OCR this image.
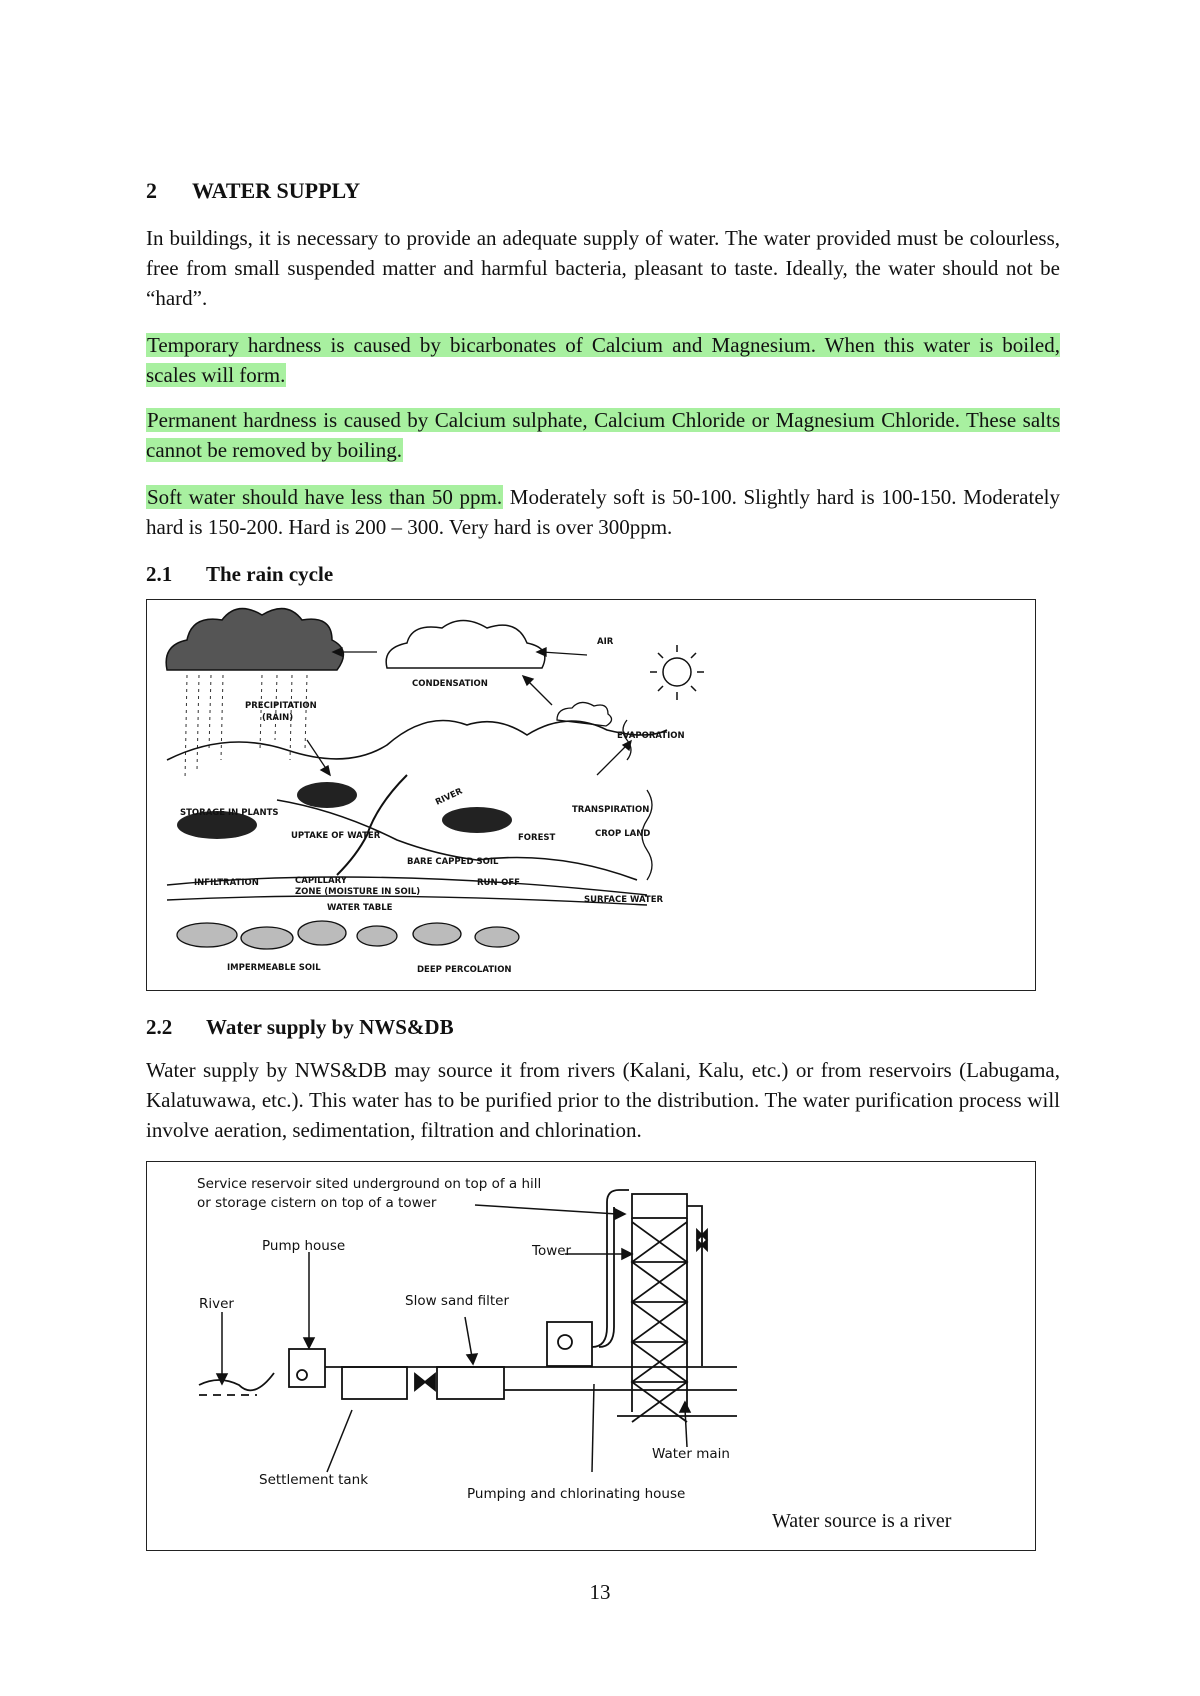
2 WATER SUPPLY

In buildings, it is necessary to provide an adequate supply of water. The water provided must be colourless, free from small suspended matter and harmful bacteria, pleasant to taste. Ideally, the water should not be “hard”.

Temporary hardness is caused by bicarbonates of Calcium and Magnesium. When this water is boiled, scales will form.

Permanent hardness is caused by Calcium sulphate, Calcium Chloride or Magnesium Chloride. These salts cannot be removed by boiling.

Soft water should have less than 50 ppm. Moderately soft is 50-100. Slightly hard is 100-150. Moderately hard is 150-200. Hard is 200 – 300. Very hard is over 300ppm.

2.1 The rain cycle
AIR
CONDENSATION
PRECIPITATION
(RAIN)
EVAPORATION
STORAGE IN PLANTS
UPTAKE OF WATER
RIVER
TRANSPIRATION
FOREST	CROP LAND
BARE CAPPED SOIL
INFILTRATION	CAPILLARY
ZONE (MOISTURE IN SOIL)
RUN-OFF
SURFACE WATER
WATER TABLE
IMPERMEABLE SOIL	DEEP PERCOLATION
2.2 Water supply by NWS&DB

Water supply by NWS&DB may source it from rivers (Kalani, Kalu, etc.) or from reservoirs (Labugama, Kalatuwawa, etc.). This water has to be purified prior to the distribution. The water purification process will involve aeration, sedimentation, filtration and chlorination.

Service reservoir sited underground on top of a hill
or storage cistern on top of a tower
Pump house	Tower
River	Slow sand filter
Water main
Settlement tank
Pumping and chlorinating house
Water source is a river
13
